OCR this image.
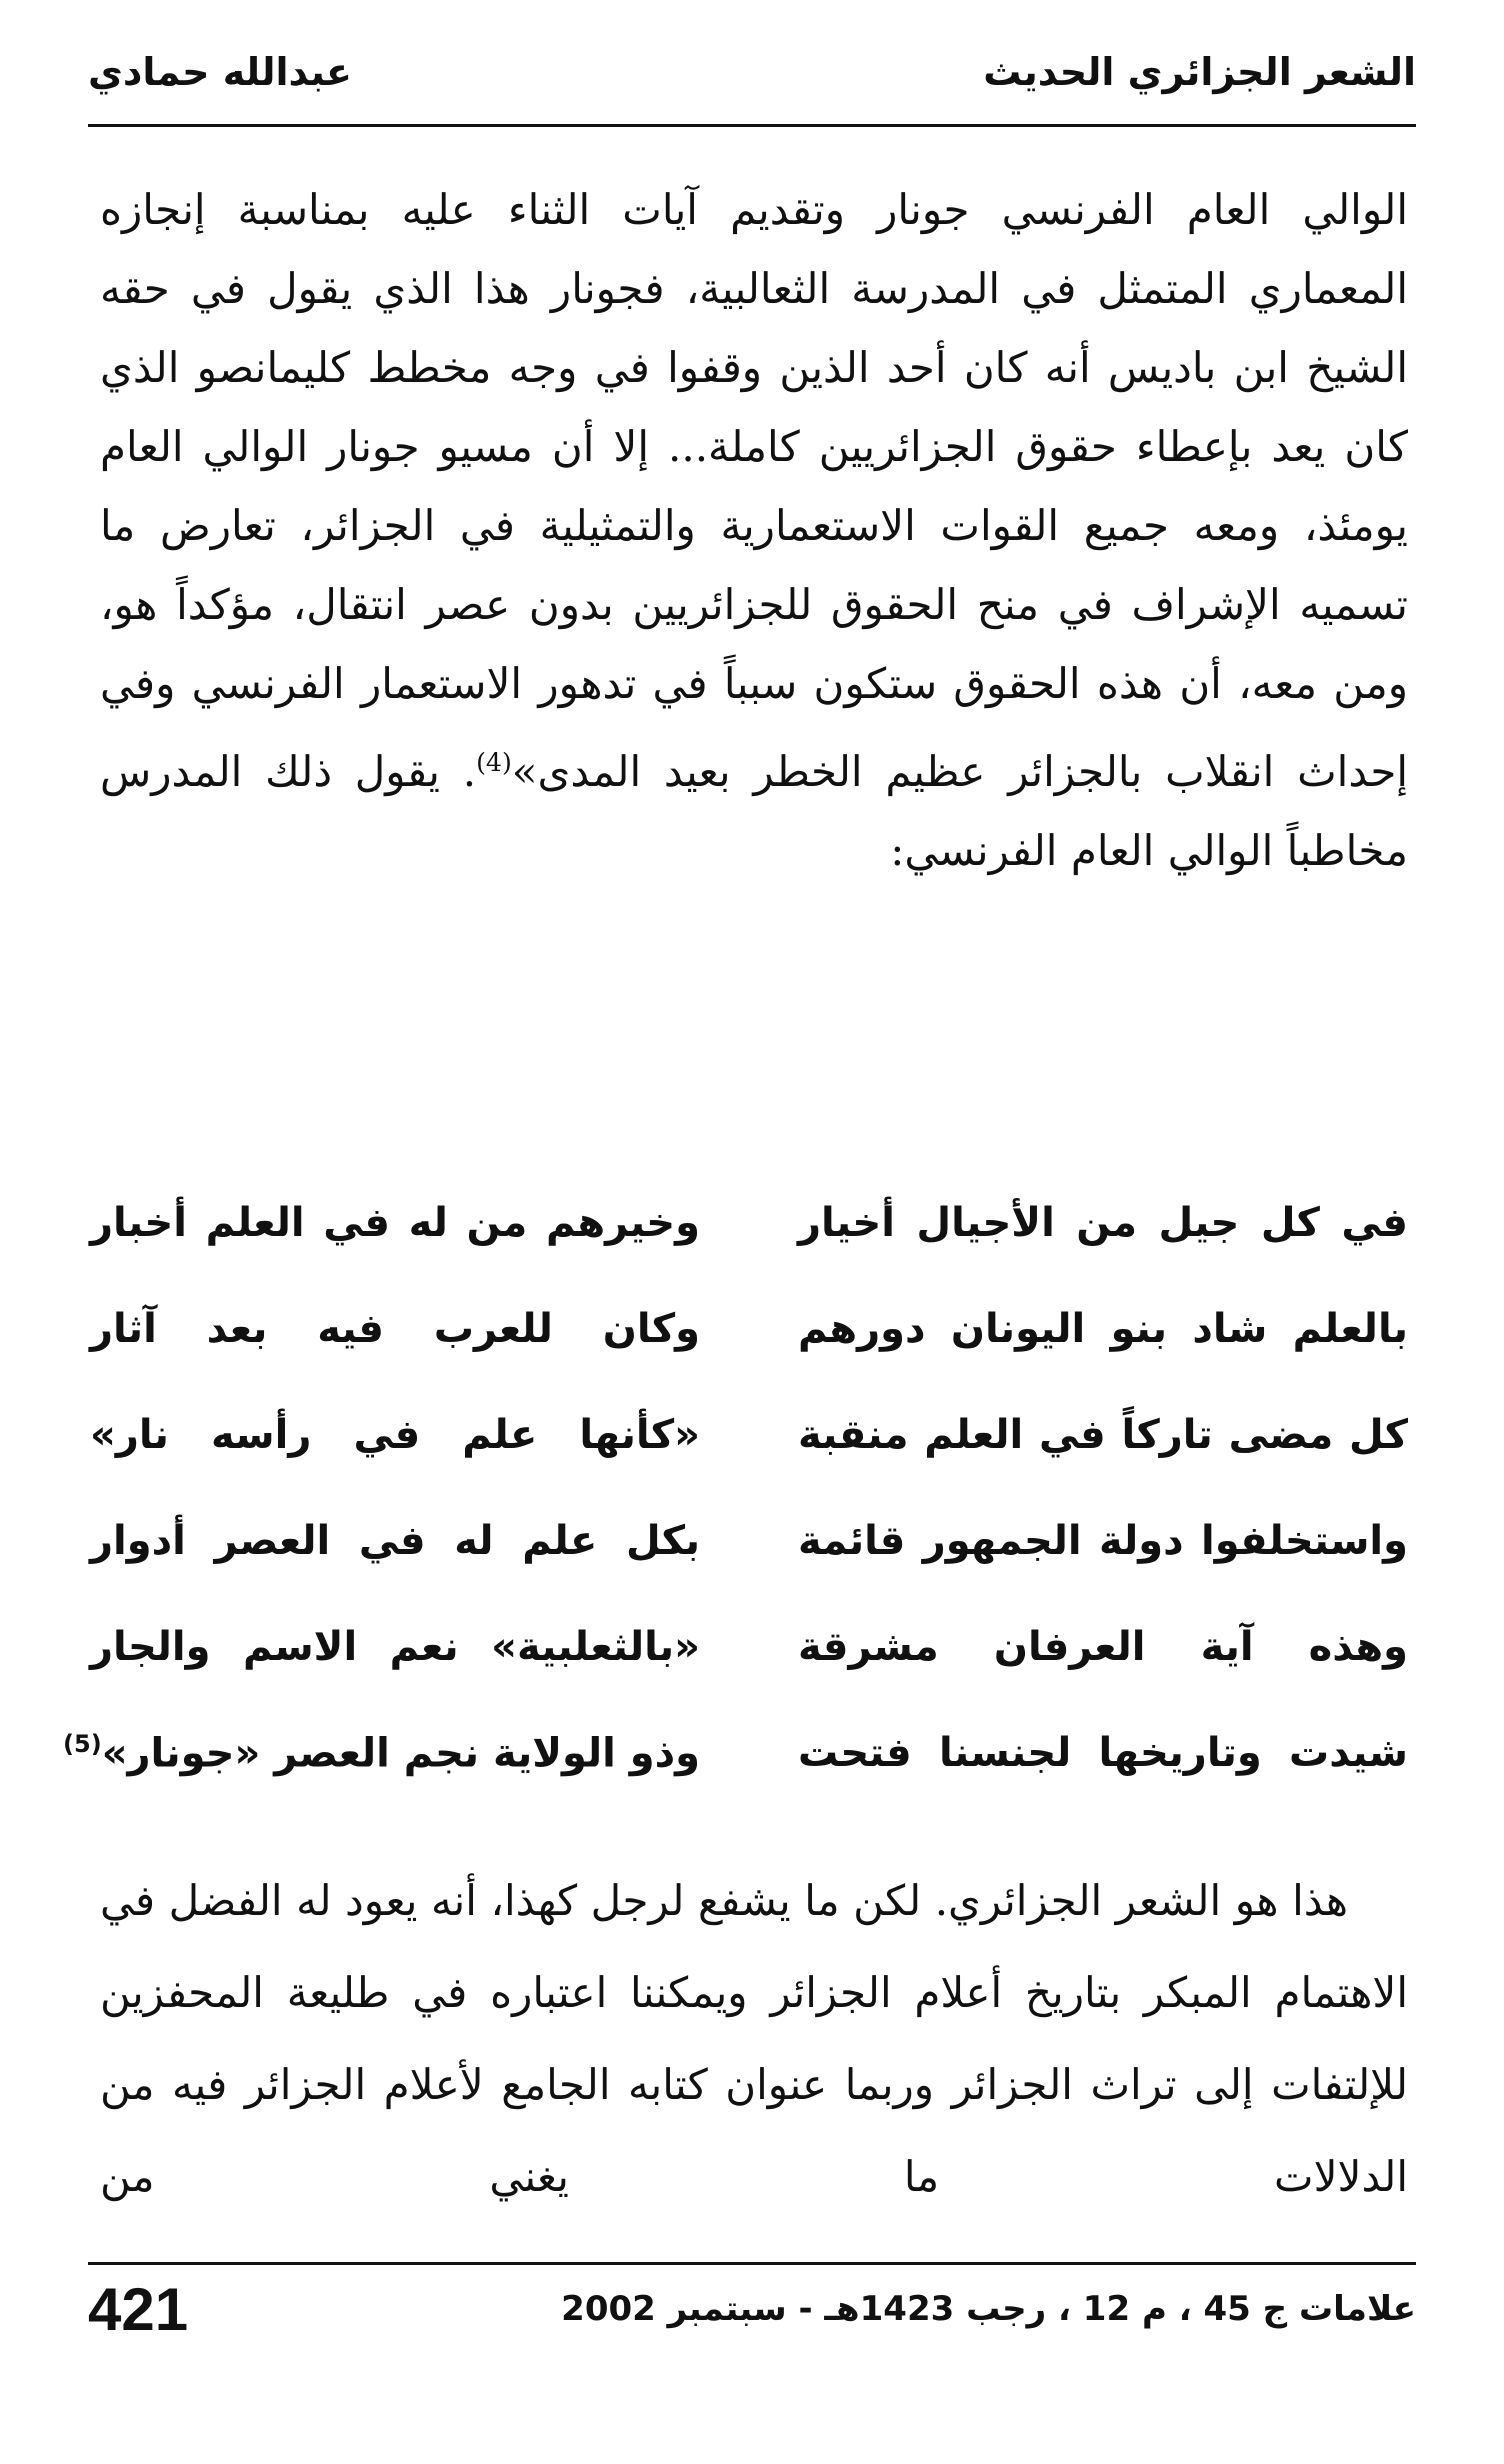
الشعر الجزائري الحديث
عبدالله حمادي

الوالي العام الفرنسي جونار وتقديم آيات الثناء عليه بمناسبة إنجازه المعماري المتمثل في المدرسة الثعالبية، فجونار هذا الذي يقول في حقه الشيخ ابن باديس أنه كان أحد الذين وقفوا في وجه مخطط كليمانصو الذي كان يعد بإعطاء حقوق الجزائريين كاملة... إلا أن مسيو جونار الوالي العام يومئذ، ومعه جميع القوات الاستعمارية والتمثيلية في الجزائر، تعارض ما تسميه الإشراف في منح الحقوق للجزائريين بدون عصر انتقال، مؤكداً هو، ومن معه، أن هذه الحقوق ستكون سبباً في تدهور الاستعمار الفرنسي وفي إحداث انقلاب بالجزائر عظيم الخطر بعيد المدى»$^{(4)}$. يقول ذلك المدرس مخاطباً الوالي العام الفرنسي:

في كل جيل من الأجيال أخيار
وخيرهم من له في العلم أخبار
بالعلم شاد بنو اليونان دورهم
وكان للعرب فيه بعد آثار
كل مضى تاركاً في العلم منقبة
«كأنها علم في رأسه نار»
واستخلفوا دولة الجمهور قائمة
بكل علم له في العصر أدوار
وهذه آية العرفان مشرقة
«بالثعلبية» نعم الاسم والجار
شيدت وتاريخها لجنسنا فتحت
وذو الولاية نجم العصر «جونار»$^{(5)}$

هذا هو الشعر الجزائري. لكن ما يشفع لرجل كهذا، أنه يعود له الفضل في الاهتمام المبكر بتاريخ أعلام الجزائر ويمكننا اعتباره في طليعة المحفزين للإلتفات إلى تراث الجزائر وربما عنوان كتابه الجامع لأعلام الجزائر فيه من الدلالات ما يغني من

421	علامات ج 45 ، م 12 ، رجب 1423هـ - سبتمبر 2002
